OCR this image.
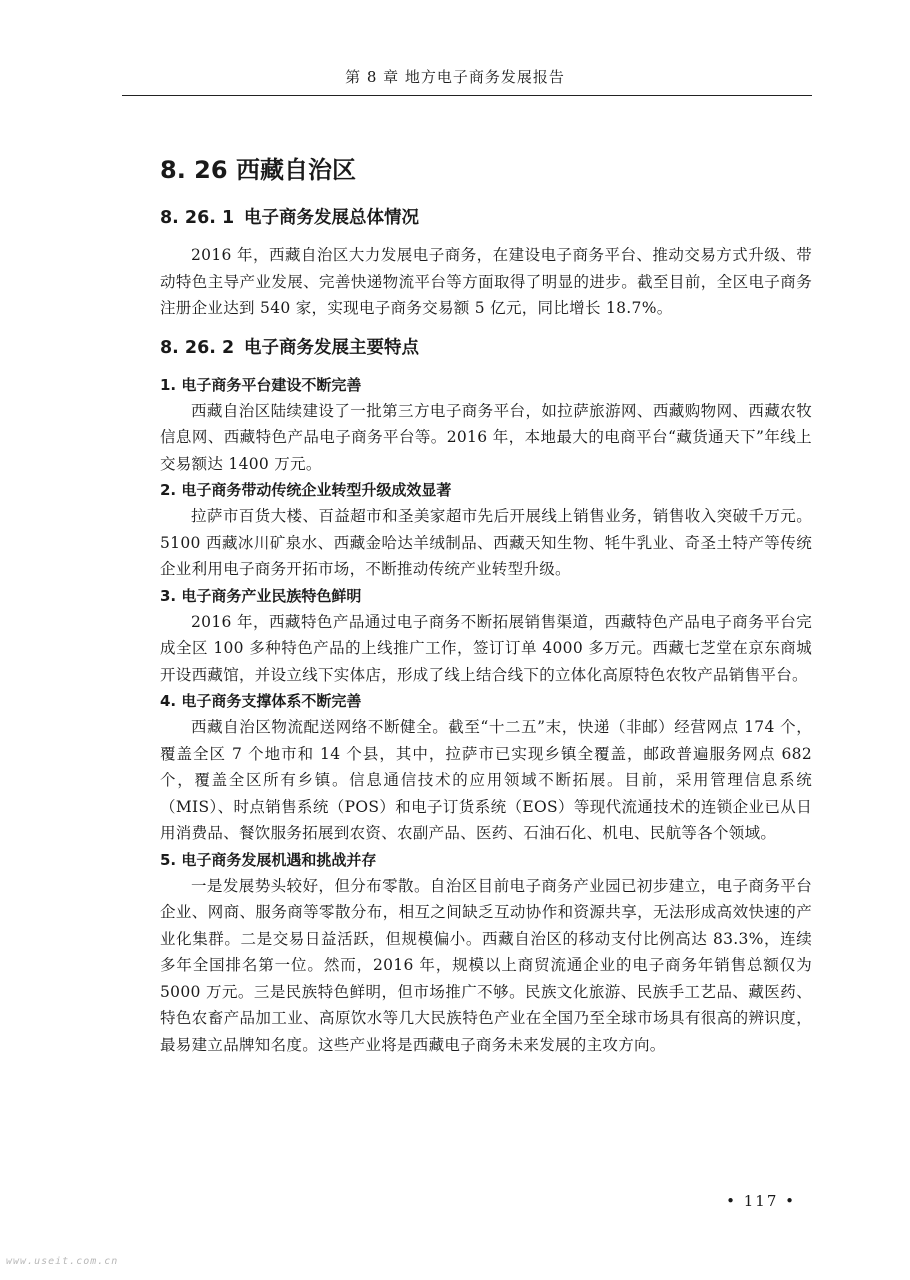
第 8 章 地方电子商务发展报告
8. 26 西藏自治区
8. 26. 1 电子商务发展总体情况

2016 年，西藏自治区大力发展电子商务，在建设电子商务平台、推动交易方式升级、带动特色主导产业发展、完善快递物流平台等方面取得了明显的进步。截至目前，全区电子商务注册企业达到 540 家，实现电子商务交易额 5 亿元，同比增长 18.7%。

8. 26. 2 电子商务发展主要特点
1. 电子商务平台建设不断完善

西藏自治区陆续建设了一批第三方电子商务平台，如拉萨旅游网、西藏购物网、西藏农牧信息网、西藏特色产品电子商务平台等。2016 年，本地最大的电商平台“藏货通天下”年线上交易额达 1400 万元。

2. 电子商务带动传统企业转型升级成效显著

拉萨市百货大楼、百益超市和圣美家超市先后开展线上销售业务，销售收入突破千万元。5100 西藏冰川矿泉水、西藏金哈达羊绒制品、西藏天知生物、牦牛乳业、奇圣土特产等传统企业利用电子商务开拓市场，不断推动传统产业转型升级。

3. 电子商务产业民族特色鲜明

2016 年，西藏特色产品通过电子商务不断拓展销售渠道，西藏特色产品电子商务平台完成全区 100 多种特色产品的上线推广工作，签订订单 4000 多万元。西藏七芝堂在京东商城开设西藏馆，并设立线下实体店，形成了线上结合线下的立体化高原特色农牧产品销售平台。

4. 电子商务支撑体系不断完善

西藏自治区物流配送网络不断健全。截至“十二五”末，快递（非邮）经营网点 174 个，覆盖全区 7 个地市和 14 个县，其中，拉萨市已实现乡镇全覆盖，邮政普遍服务网点 682 个，覆盖全区所有乡镇。信息通信技术的应用领域不断拓展。目前，采用管理信息系统（MIS）、时点销售系统（POS）和电子订货系统（EOS）等现代流通技术的连锁企业已从日用消费品、餐饮服务拓展到农资、农副产品、医药、石油石化、机电、民航等各个领域。

5. 电子商务发展机遇和挑战并存

一是发展势头较好，但分布零散。自治区目前电子商务产业园已初步建立，电子商务平台企业、网商、服务商等零散分布，相互之间缺乏互动协作和资源共享，无法形成高效快速的产业化集群。二是交易日益活跃，但规模偏小。西藏自治区的移动支付比例高达 83.3%，连续多年全国排名第一位。然而，2016 年，规模以上商贸流通企业的电子商务年销售总额仅为 5000 万元。三是民族特色鲜明，但市场推广不够。民族文化旅游、民族手工艺品、藏医药、特色农畜产品加工业、高原饮水等几大民族特色产业在全国乃至全球市场具有很高的辨识度，最易建立品牌知名度。这些产业将是西藏电子商务未来发展的主攻方向。

• 117 •
www.useit.com.cn
